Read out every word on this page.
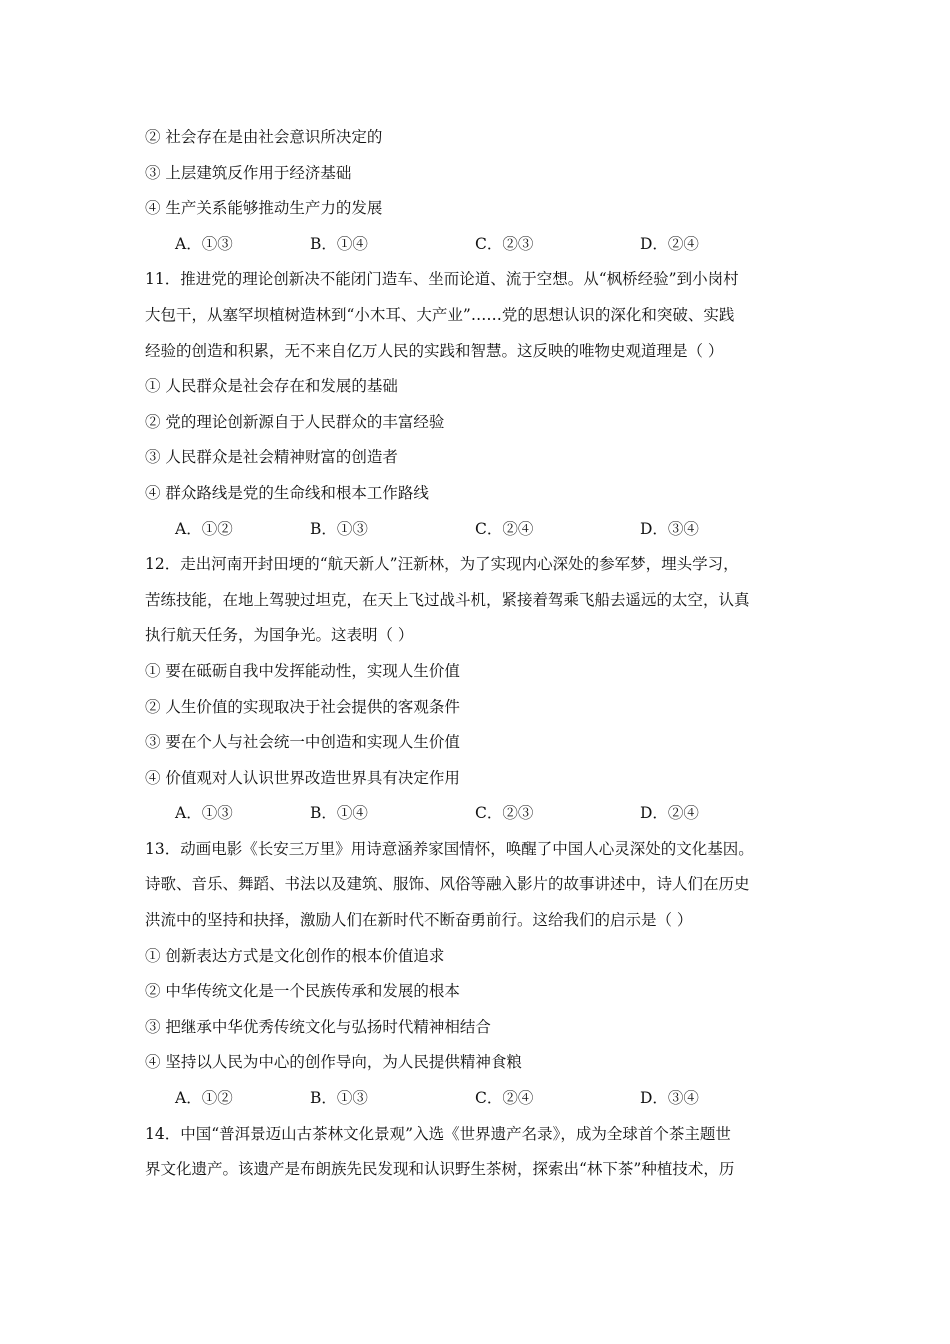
② 社会存在是由社会意识所决定的
③ 上层建筑反作用于经济基础
④ 生产关系能够推动生产力的发展
A．①③	B．①④	C．②③	D．②④
11．推进党的理论创新决不能闭门造车、坐而论道、流于空想。从“枫桥经验”到小岗村
大包干，从塞罕坝植树造林到“小木耳、大产业”……党的思想认识的深化和突破、实践
经验的创造和积累，无不来自亿万人民的实践和智慧。这反映的唯物史观道理是（ ）
① 人民群众是社会存在和发展的基础
② 党的理论创新源自于人民群众的丰富经验
③ 人民群众是社会精神财富的创造者
④ 群众路线是党的生命线和根本工作路线
A．①②	B．①③	C．②④	D．③④
12．走出河南开封田埂的“航天新人”汪新林，为了实现内心深处的参军梦，埋头学习，
苦练技能，在地上驾驶过坦克，在天上飞过战斗机，紧接着驾乘飞船去遥远的太空，认真
执行航天任务，为国争光。这表明（ ）
① 要在砥砺自我中发挥能动性，实现人生价值
② 人生价值的实现取决于社会提供的客观条件
③ 要在个人与社会统一中创造和实现人生价值
④ 价值观对人认识世界改造世界具有决定作用
A．①③	B．①④	C．②③	D．②④
13．动画电影《长安三万里》用诗意涵养家国情怀，唤醒了中国人心灵深处的文化基因。
诗歌、音乐、舞蹈、书法以及建筑、服饰、风俗等融入影片的故事讲述中，诗人们在历史
洪流中的坚持和抉择，激励人们在新时代不断奋勇前行。这给我们的启示是（ ）
① 创新表达方式是文化创作的根本价值追求
② 中华传统文化是一个民族传承和发展的根本
③ 把继承中华优秀传统文化与弘扬时代精神相结合
④ 坚持以人民为中心的创作导向，为人民提供精神食粮
A．①②	B．①③	C．②④	D．③④
14．中国“普洱景迈山古茶林文化景观”入选《世界遗产名录》，成为全球首个茶主题世
界文化遗产。该遗产是布朗族先民发现和认识野生茶树，探索出“林下茶”种植技术，历
